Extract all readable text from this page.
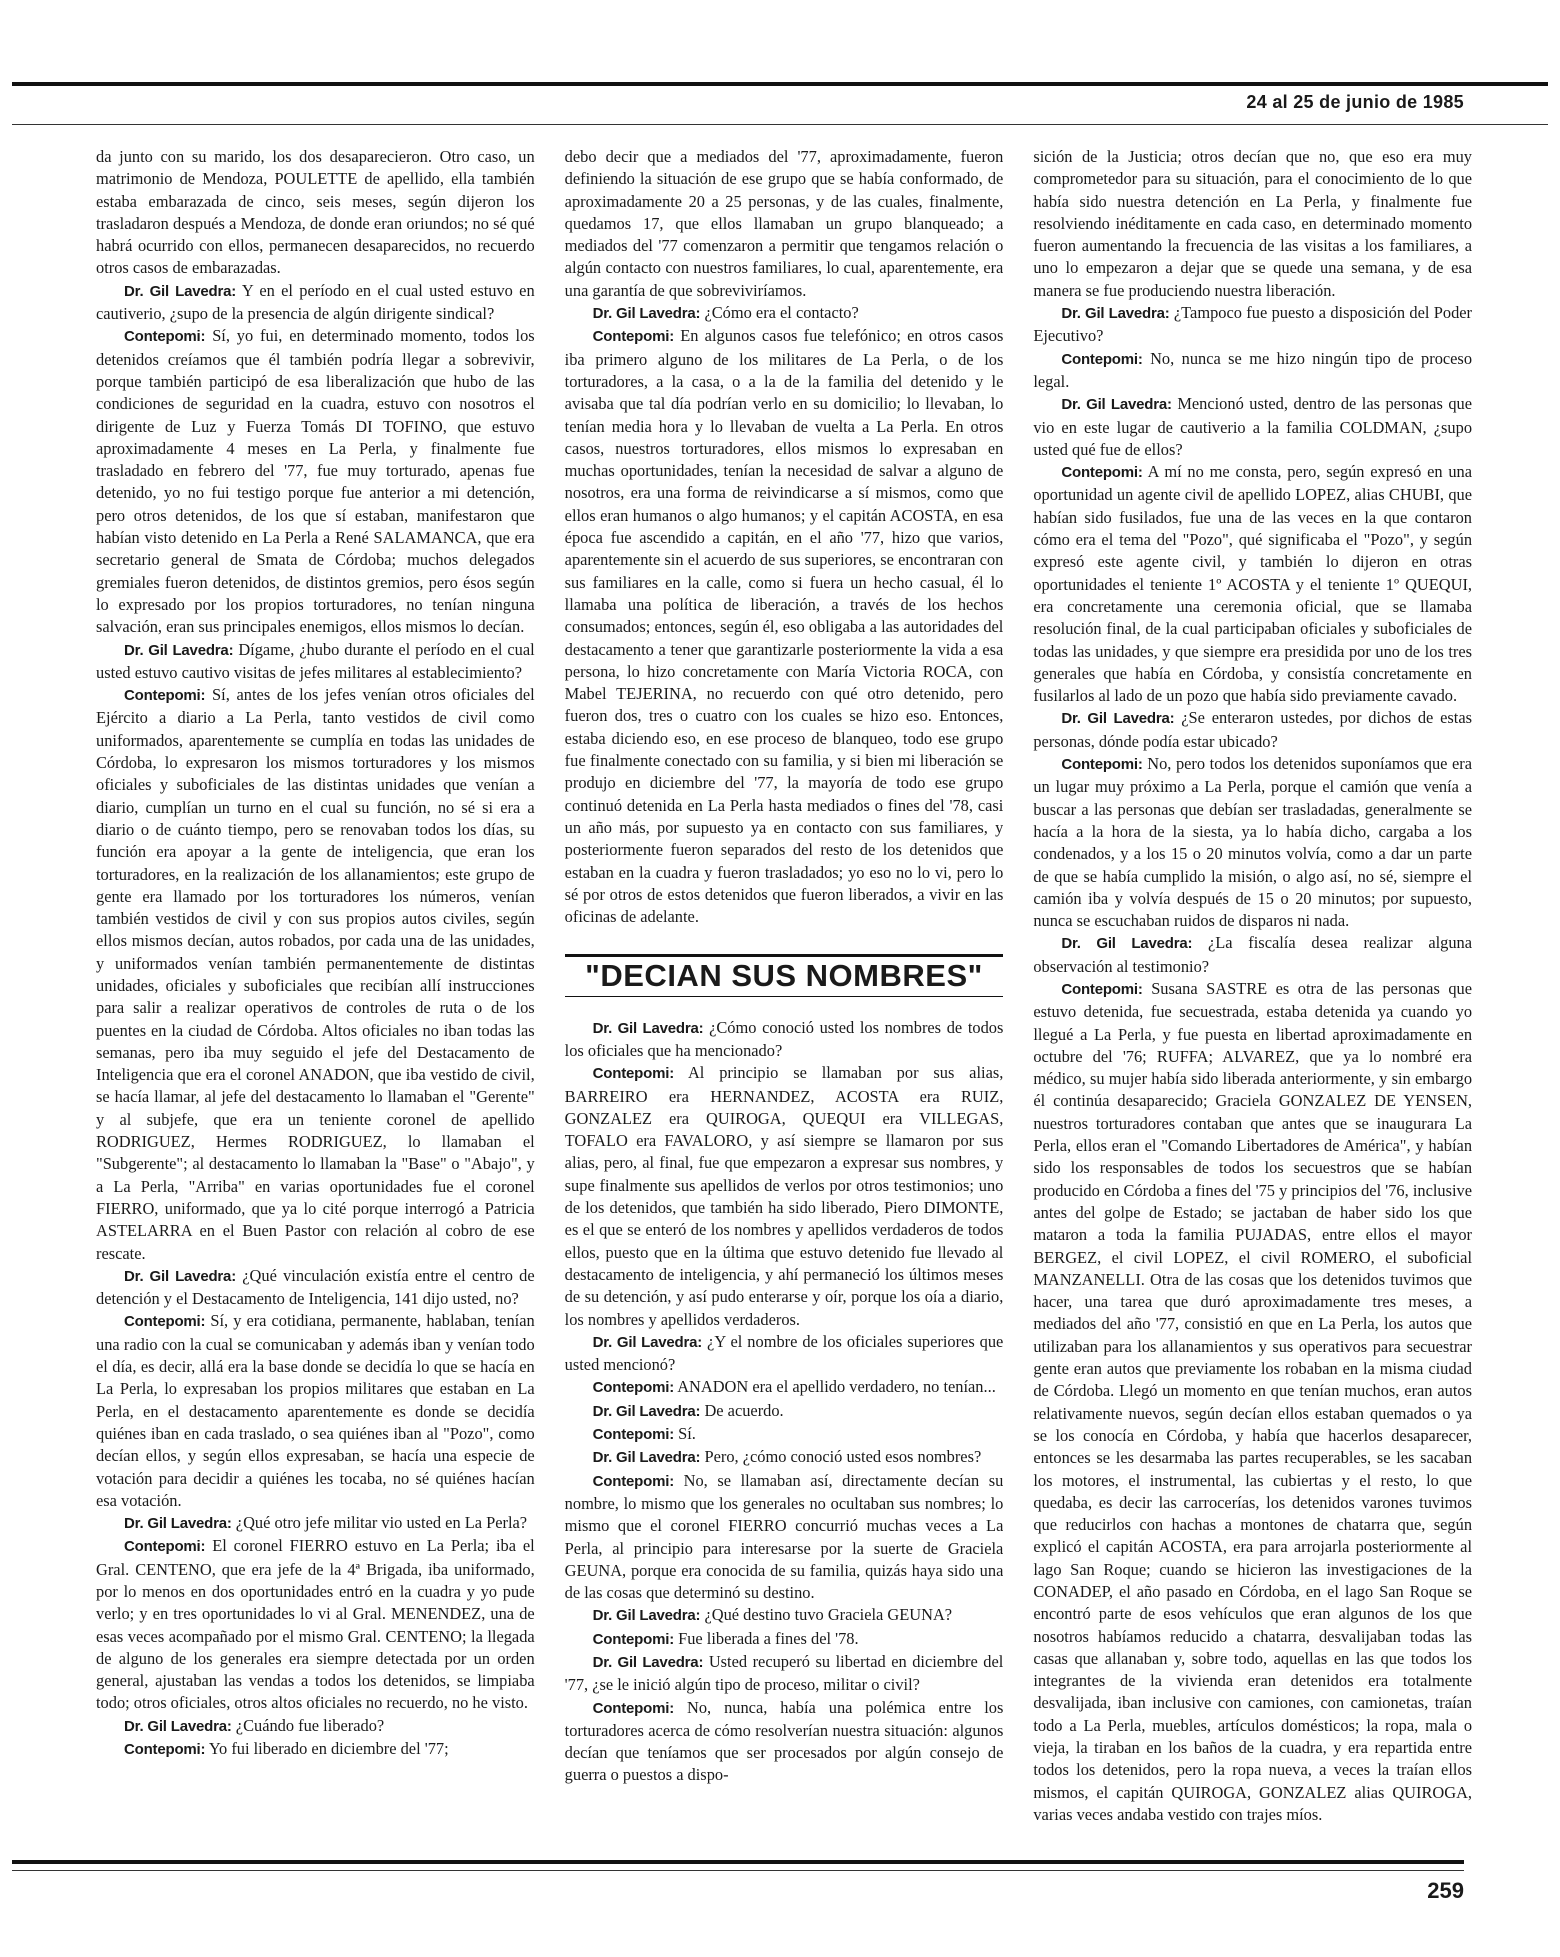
24 al 25 de junio de 1985

da junto con su marido, los dos desaparecieron. Otro caso, un matrimonio de Mendoza, POULETTE de apellido, ella también estaba embarazada de cinco, seis meses, según dijeron los trasladaron después a Mendoza, de donde eran oriundos; no sé qué habrá ocurrido con ellos, permanecen desaparecidos, no recuerdo otros casos de embarazadas.

Dr. Gil Lavedra: Y en el período en el cual usted estuvo en cautiverio, ¿supo de la presencia de algún dirigente sindical?

Contepomi: Sí, yo fui, en determinado momento, todos los detenidos creíamos que él también podría llegar a sobrevivir, porque también participó de esa liberalización que hubo de las condiciones de seguridad en la cuadra, estuvo con nosotros el dirigente de Luz y Fuerza Tomás DI TOFINO, que estuvo aproximadamente 4 meses en La Perla, y finalmente fue trasladado en febrero del '77, fue muy torturado, apenas fue detenido, yo no fui testigo porque fue anterior a mi detención, pero otros detenidos, de los que sí estaban, manifestaron que habían visto detenido en La Perla a René SALAMANCA, que era secretario general de Smata de Córdoba; muchos delegados gremiales fueron detenidos, de distintos gremios, pero ésos según lo expresado por los propios torturadores, no tenían ninguna salvación, eran sus principales enemigos, ellos mismos lo decían.

Dr. Gil Lavedra: Dígame, ¿hubo durante el período en el cual usted estuvo cautivo visitas de jefes militares al establecimiento?

Contepomi: Sí, antes de los jefes venían otros oficiales del Ejército a diario a La Perla, tanto vestidos de civil como uniformados, aparentemente se cumplía en todas las unidades de Córdoba, lo expresaron los mismos torturadores y los mismos oficiales y suboficiales de las distintas unidades que venían a diario, cumplían un turno en el cual su función, no sé si era a diario o de cuánto tiempo, pero se renovaban todos los días, su función era apoyar a la gente de inteligencia, que eran los torturadores, en la realización de los allanamientos; este grupo de gente era llamado por los torturadores los números, venían también vestidos de civil y con sus propios autos civiles, según ellos mismos decían, autos robados, por cada una de las unidades, y uniformados venían también permanentemente de distintas unidades, oficiales y suboficiales que recibían allí instrucciones para salir a realizar operativos de controles de ruta o de los puentes en la ciudad de Córdoba. Altos oficiales no iban todas las semanas, pero iba muy seguido el jefe del Destacamento de Inteligencia que era el coronel ANADON, que iba vestido de civil, se hacía llamar, al jefe del destacamento lo llamaban el "Gerente" y al subjefe, que era un teniente coronel de apellido RODRIGUEZ, Hermes RODRIGUEZ, lo llamaban el "Subgerente"; al destacamento lo llamaban la "Base" o "Abajo", y a La Perla, "Arriba" en varias oportunidades fue el coronel FIERRO, uniformado, que ya lo cité porque interrogó a Patricia ASTELARRA en el Buen Pastor con relación al cobro de ese rescate.

Dr. Gil Lavedra: ¿Qué vinculación existía entre el centro de detención y el Destacamento de Inteligencia, 141 dijo usted, no?

Contepomi: Sí, y era cotidiana, permanente, hablaban, tenían una radio con la cual se comunicaban y además iban y venían todo el día, es decir, allá era la base donde se decidía lo que se hacía en La Perla, lo expresaban los propios militares que estaban en La Perla, en el destacamento aparentemente es donde se decidía quiénes iban en cada traslado, o sea quiénes iban al "Pozo", como decían ellos, y según ellos expresaban, se hacía una especie de votación para decidir a quiénes les tocaba, no sé quiénes hacían esa votación.

Dr. Gil Lavedra: ¿Qué otro jefe militar vio usted en La Perla?

Contepomi: El coronel FIERRO estuvo en La Perla; iba el Gral. CENTENO, que era jefe de la 4ª Brigada, iba uniformado, por lo menos en dos oportunidades entró en la cuadra y yo pude verlo; y en tres oportunidades lo vi al Gral. MENENDEZ, una de esas veces acompañado por el mismo Gral. CENTENO; la llegada de alguno de los generales era siempre detectada por un orden general, ajustaban las vendas a todos los detenidos, se limpiaba todo; otros oficiales, otros altos oficiales no recuerdo, no he visto.

Dr. Gil Lavedra: ¿Cuándo fue liberado?

Contepomi: Yo fui liberado en diciembre del '77;

debo decir que a mediados del '77, aproximadamente, fueron definiendo la situación de ese grupo que se había conformado, de aproximadamente 20 a 25 personas, y de las cuales, finalmente, quedamos 17, que ellos llamaban un grupo blanqueado; a mediados del '77 comenzaron a permitir que tengamos relación o algún contacto con nuestros familiares, lo cual, aparentemente, era una garantía de que sobreviviríamos.

Dr. Gil Lavedra: ¿Cómo era el contacto?

Contepomi: En algunos casos fue telefónico; en otros casos iba primero alguno de los militares de La Perla, o de los torturadores, a la casa, o a la de la familia del detenido y le avisaba que tal día podrían verlo en su domicilio; lo llevaban, lo tenían media hora y lo llevaban de vuelta a La Perla. En otros casos, nuestros torturadores, ellos mismos lo expresaban en muchas oportunidades, tenían la necesidad de salvar a alguno de nosotros, era una forma de reivindicarse a sí mismos, como que ellos eran humanos o algo humanos; y el capitán ACOSTA, en esa época fue ascendido a capitán, en el año '77, hizo que varios, aparentemente sin el acuerdo de sus superiores, se encontraran con sus familiares en la calle, como si fuera un hecho casual, él lo llamaba una política de liberación, a través de los hechos consumados; entonces, según él, eso obligaba a las autoridades del destacamento a tener que garantizarle posteriormente la vida a esa persona, lo hizo concretamente con María Victoria ROCA, con Mabel TEJERINA, no recuerdo con qué otro detenido, pero fueron dos, tres o cuatro con los cuales se hizo eso. Entonces, estaba diciendo eso, en ese proceso de blanqueo, todo ese grupo fue finalmente conectado con su familia, y si bien mi liberación se produjo en diciembre del '77, la mayoría de todo ese grupo continuó detenida en La Perla hasta mediados o fines del '78, casi un año más, por supuesto ya en contacto con sus familiares, y posteriormente fueron separados del resto de los detenidos que estaban en la cuadra y fueron trasladados; yo eso no lo vi, pero lo sé por otros de estos detenidos que fueron liberados, a vivir en las oficinas de adelante.

"DECIAN SUS NOMBRES"

Dr. Gil Lavedra: ¿Cómo conoció usted los nombres de todos los oficiales que ha mencionado?

Contepomi: Al principio se llamaban por sus alias, BARREIRO era HERNANDEZ, ACOSTA era RUIZ, GONZALEZ era QUIROGA, QUEQUI era VILLEGAS, TOFALO era FAVALORO, y así siempre se llamaron por sus alias, pero, al final, fue que empezaron a expresar sus nombres, y supe finalmente sus apellidos de verlos por otros testimonios; uno de los detenidos, que también ha sido liberado, Piero DIMONTE, es el que se enteró de los nombres y apellidos verdaderos de todos ellos, puesto que en la última que estuvo detenido fue llevado al destacamento de inteligencia, y ahí permaneció los últimos meses de su detención, y así pudo enterarse y oír, porque los oía a diario, los nombres y apellidos verdaderos.

Dr. Gil Lavedra: ¿Y el nombre de los oficiales superiores que usted mencionó?

Contepomi: ANADON era el apellido verdadero, no tenían...

Dr. Gil Lavedra: De acuerdo.

Contepomi: Sí.

Dr. Gil Lavedra: Pero, ¿cómo conoció usted esos nombres?

Contepomi: No, se llamaban así, directamente decían su nombre, lo mismo que los generales no ocultaban sus nombres; lo mismo que el coronel FIERRO concurrió muchas veces a La Perla, al principio para interesarse por la suerte de Graciela GEUNA, porque era conocida de su familia, quizás haya sido una de las cosas que determinó su destino.

Dr. Gil Lavedra: ¿Qué destino tuvo Graciela GEUNA?

Contepomi: Fue liberada a fines del '78.

Dr. Gil Lavedra: Usted recuperó su libertad en diciembre del '77, ¿se le inició algún tipo de proceso, militar o civil?

Contepomi: No, nunca, había una polémica entre los torturadores acerca de cómo resolverían nuestra situación: algunos decían que teníamos que ser procesados por algún consejo de guerra o puestos a dispo-

sición de la Justicia; otros decían que no, que eso era muy comprometedor para su situación, para el conocimiento de lo que había sido nuestra detención en La Perla, y finalmente fue resolviendo inéditamente en cada caso, en determinado momento fueron aumentando la frecuencia de las visitas a los familiares, a uno lo empezaron a dejar que se quede una semana, y de esa manera se fue produciendo nuestra liberación.

Dr. Gil Lavedra: ¿Tampoco fue puesto a disposición del Poder Ejecutivo?

Contepomi: No, nunca se me hizo ningún tipo de proceso legal.

Dr. Gil Lavedra: Mencionó usted, dentro de las personas que vio en este lugar de cautiverio a la familia COLDMAN, ¿supo usted qué fue de ellos?

Contepomi: A mí no me consta, pero, según expresó en una oportunidad un agente civil de apellido LOPEZ, alias CHUBI, que habían sido fusilados, fue una de las veces en la que contaron cómo era el tema del "Pozo", qué significaba el "Pozo", y según expresó este agente civil, y también lo dijeron en otras oportunidades el teniente 1º ACOSTA y el teniente 1º QUEQUI, era concretamente una ceremonia oficial, que se llamaba resolución final, de la cual participaban oficiales y suboficiales de todas las unidades, y que siempre era presidida por uno de los tres generales que había en Córdoba, y consistía concretamente en fusilarlos al lado de un pozo que había sido previamente cavado.

Dr. Gil Lavedra: ¿Se enteraron ustedes, por dichos de estas personas, dónde podía estar ubicado?

Contepomi: No, pero todos los detenidos suponíamos que era un lugar muy próximo a La Perla, porque el camión que venía a buscar a las personas que debían ser trasladadas, generalmente se hacía a la hora de la siesta, ya lo había dicho, cargaba a los condenados, y a los 15 o 20 minutos volvía, como a dar un parte de que se había cumplido la misión, o algo así, no sé, siempre el camión iba y volvía después de 15 o 20 minutos; por supuesto, nunca se escuchaban ruidos de disparos ni nada.

Dr. Gil Lavedra: ¿La fiscalía desea realizar alguna observación al testimonio?

Contepomi: Susana SASTRE es otra de las personas que estuvo detenida, fue secuestrada, estaba detenida ya cuando yo llegué a La Perla, y fue puesta en libertad aproximadamente en octubre del '76; RUFFA; ALVAREZ, que ya lo nombré era médico, su mujer había sido liberada anteriormente, y sin embargo él continúa desaparecido; Graciela GONZALEZ DE YENSEN, nuestros torturadores contaban que antes que se inaugurara La Perla, ellos eran el "Comando Libertadores de América", y habían sido los responsables de todos los secuestros que se habían producido en Córdoba a fines del '75 y principios del '76, inclusive antes del golpe de Estado; se jactaban de haber sido los que mataron a toda la familia PUJADAS, entre ellos el mayor BERGEZ, el civil LOPEZ, el civil ROMERO, el suboficial MANZANELLI. Otra de las cosas que los detenidos tuvimos que hacer, una tarea que duró aproximadamente tres meses, a mediados del año '77, consistió en que en La Perla, los autos que utilizaban para los allanamientos y sus operativos para secuestrar gente eran autos que previamente los robaban en la misma ciudad de Córdoba. Llegó un momento en que tenían muchos, eran autos relativamente nuevos, según decían ellos estaban quemados o ya se los conocía en Córdoba, y había que hacerlos desaparecer, entonces se les desarmaba las partes recuperables, se les sacaban los motores, el instrumental, las cubiertas y el resto, lo que quedaba, es decir las carrocerías, los detenidos varones tuvimos que reducirlos con hachas a montones de chatarra que, según explicó el capitán ACOSTA, era para arrojarla posteriormente al lago San Roque; cuando se hicieron las investigaciones de la CONADEP, el año pasado en Córdoba, en el lago San Roque se encontró parte de esos vehículos que eran algunos de los que nosotros habíamos reducido a chatarra, desvalijaban todas las casas que allanaban y, sobre todo, aquellas en las que todos los integrantes de la vivienda eran detenidos era totalmente desvalijada, iban inclusive con camiones, con camionetas, traían todo a La Perla, muebles, artículos domésticos; la ropa, mala o vieja, la tiraban en los baños de la cuadra, y era repartida entre todos los detenidos, pero la ropa nueva, a veces la traían ellos mismos, el capitán QUIROGA, GONZALEZ alias QUIROGA, varias veces andaba vestido con trajes míos.

259
